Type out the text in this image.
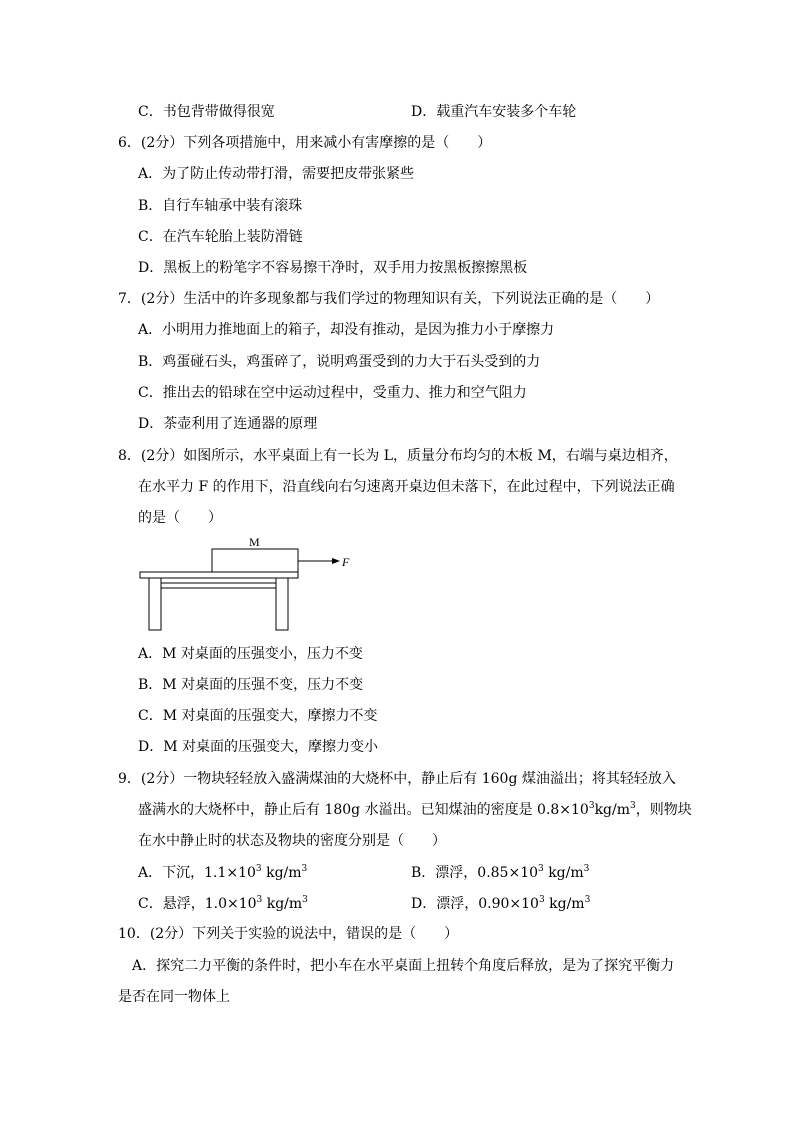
C．书包背带做得很宽	D．载重汽车安装多个车轮
6．(2分）下列各项措施中，用来减小有害摩擦的是（　　）
A．为了防止传动带打滑，需要把皮带张紧些
B．自行车轴承中装有滚珠
C．在汽车轮胎上装防滑链
D．黑板上的粉笔字不容易擦干净时，双手用力按黑板擦擦黑板
7．(2分）生活中的许多现象都与我们学过的物理知识有关，下列说法正确的是（　　）
A．小明用力推地面上的箱子，却没有推动，是因为推力小于摩擦力
B．鸡蛋碰石头，鸡蛋碎了，说明鸡蛋受到的力大于石头受到的力
C．推出去的铅球在空中运动过程中，受重力、推力和空气阻力
D．茶壶利用了连通器的原理
8．(2分）如图所示，水平桌面上有一长为 L，质量分布均匀的木板 M，右端与桌边相齐，
在水平力 F 的作用下，沿直线向右匀速离开桌边但未落下，在此过程中，下列说法正确
的是（　　）
M
F
A．M 对桌面的压强变小，压力不变
B．M 对桌面的压强不变，压力不变
C．M 对桌面的压强变大，摩擦力不变
D．M 对桌面的压强变大，摩擦力变小
9．(2分）一物块轻轻放入盛满煤油的大烧杯中，静止后有 160g 煤油溢出；将其轻轻放入
盛满水的大烧杯中，静止后有 180g 水溢出。已知煤油的密度是 $0.8\times 10^3kg/m^3$，则物块
在水中静止时的状态及物块的密度分别是（　　）
A．下沉，$1.1\times 10^3$ $kg/m^3$	B．漂浮，$0.85\times 10^3$ $kg/m^3$
C．悬浮，$1.0\times 10^3$ $kg/m^3$	D．漂浮，$0.90\times 10^3$ $kg/m^3$
10．(2分）下列关于实验的说法中，错误的是（　　）
A．探究二力平衡的条件时，把小车在水平桌面上扭转个角度后释放，是为了探究平衡力
是否在同一物体上
